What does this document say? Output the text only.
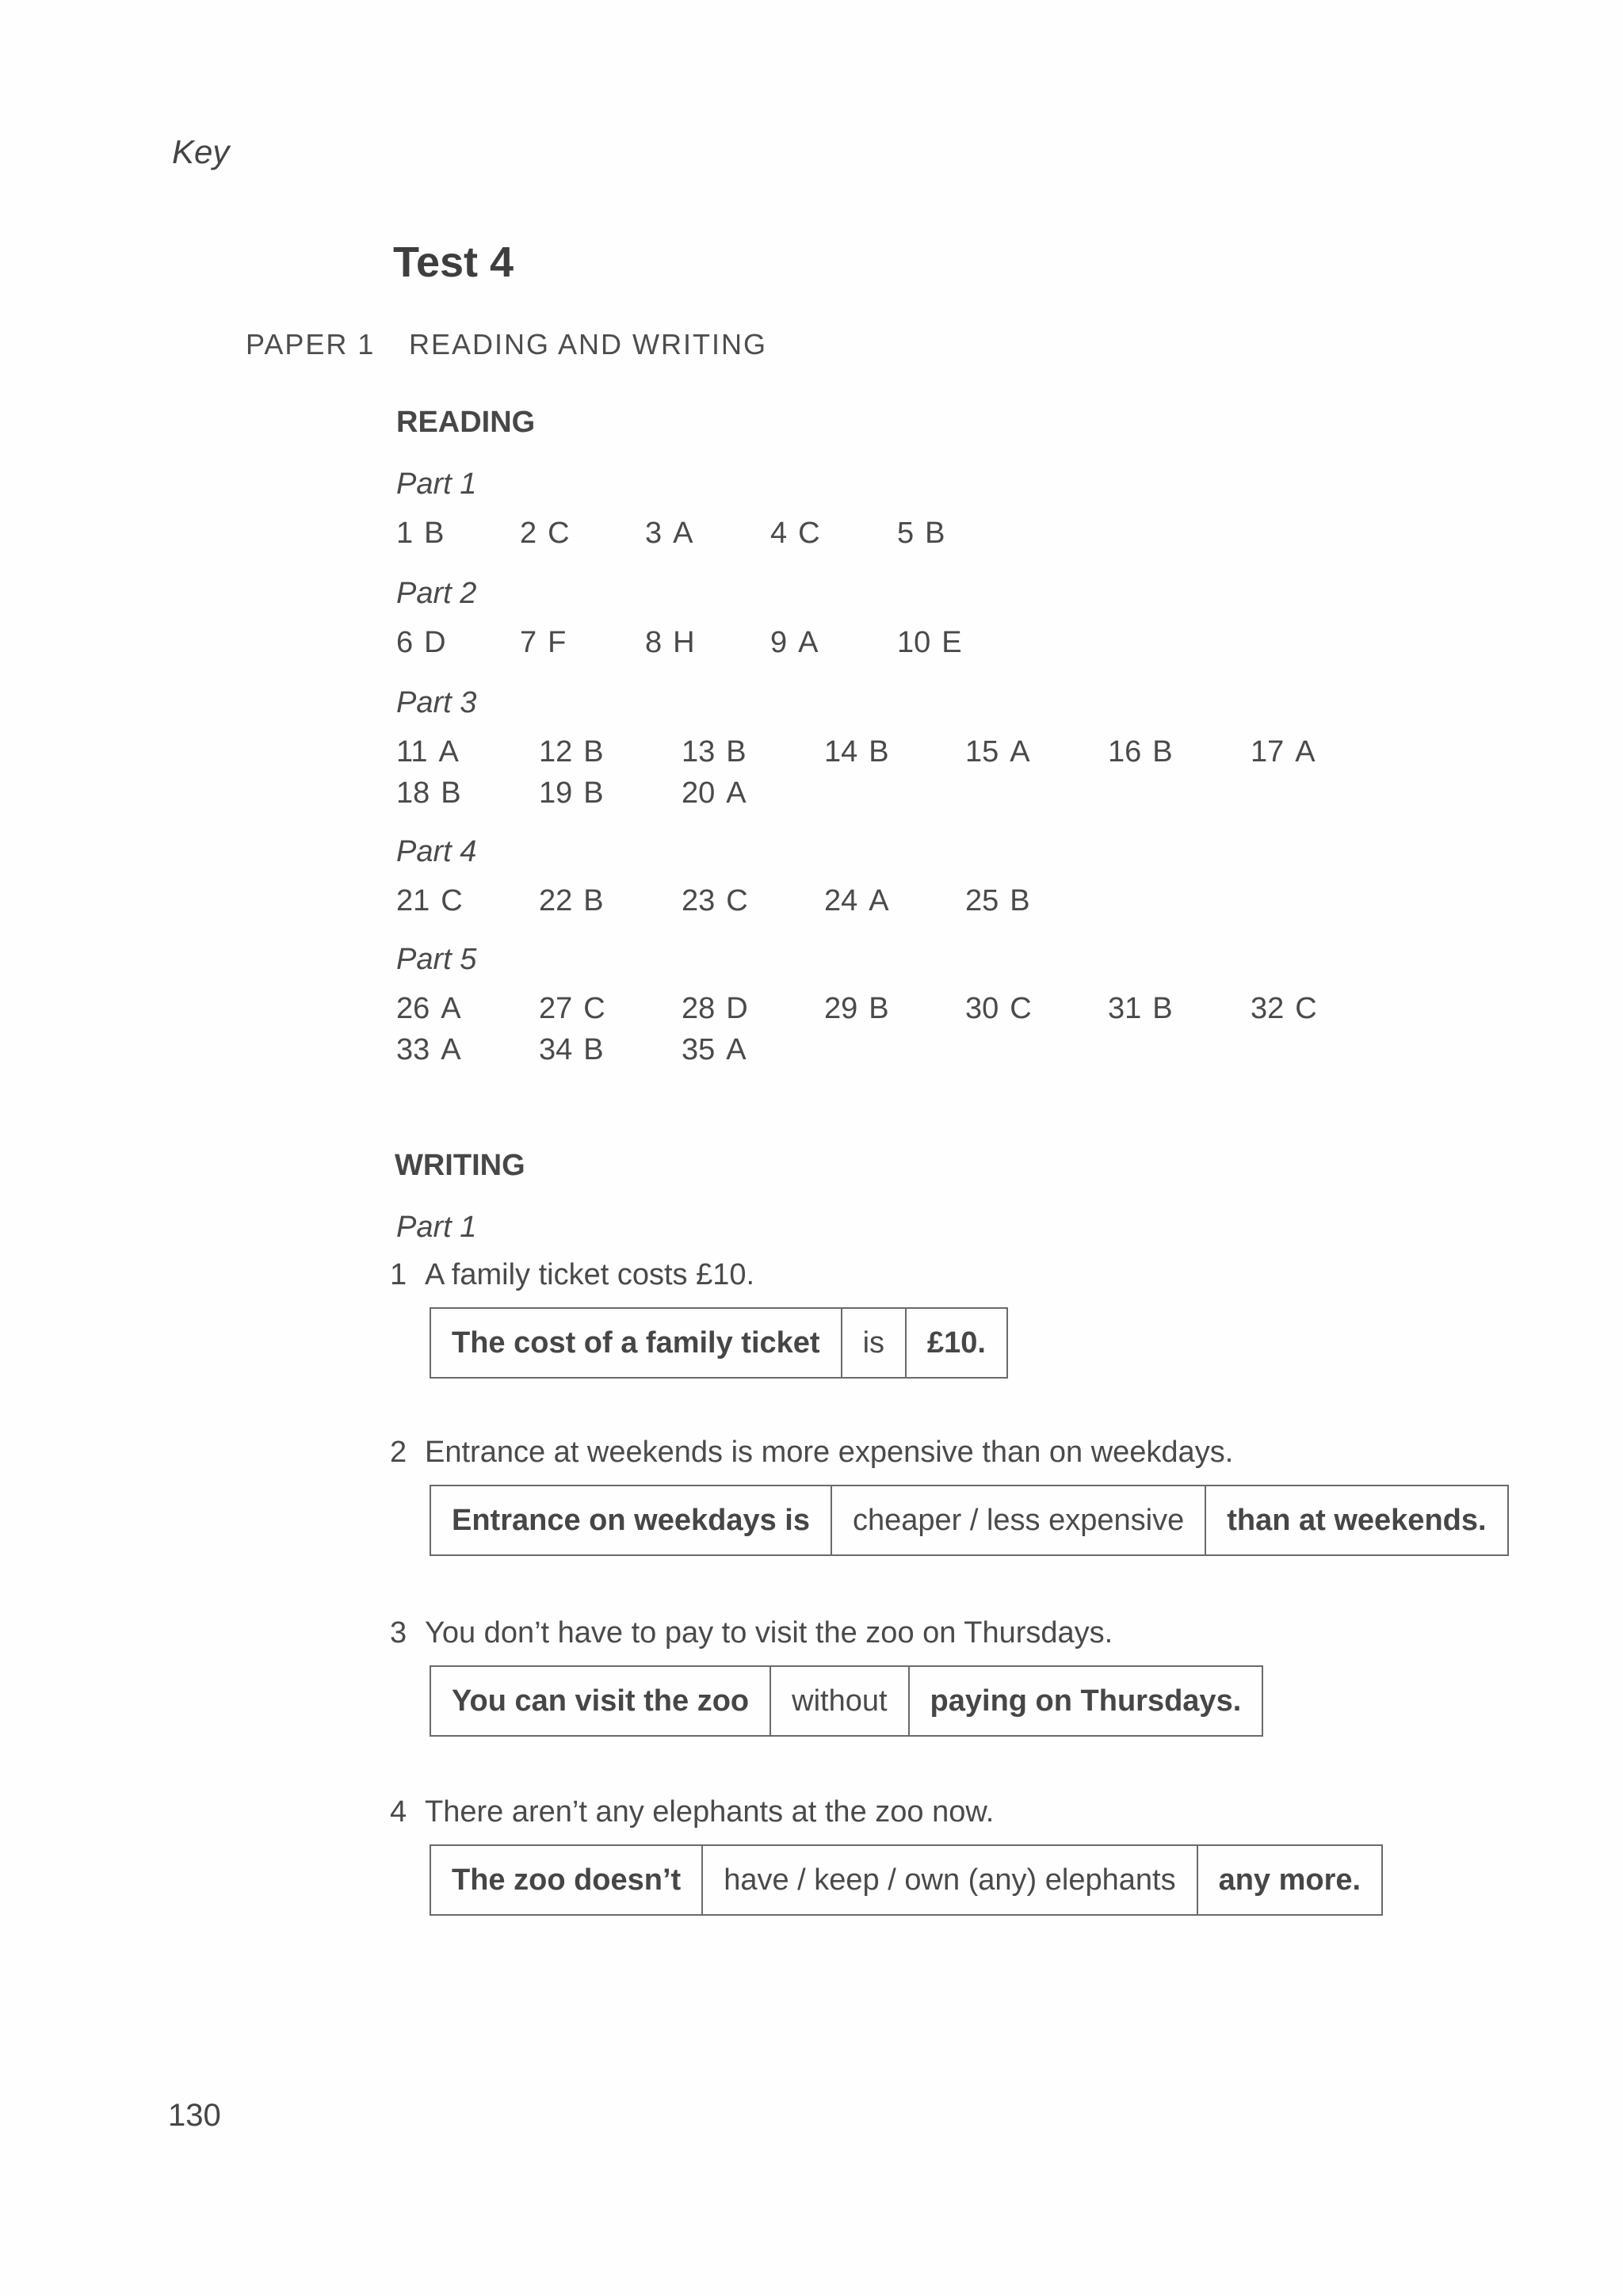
Key
Test 4
PAPER 1 READING AND WRITING
READING
Part 1
1 B	2 C	3 A	4 C	5 B
Part 2
6 D 7 F	8 H	9 A	10 E
Part 3
11 A	12 B	13 B	14 B	15 A	16 B	17 A
18 B	19 B	20 A
Part 4
21 C	22 B	23 C	24 A	25 B
Part 5
26 A	27 C	28 D	29 B	30 C	31 B	32 C
33 A	34 B	35 A
WRITING
Part 1
1 A family ticket costs £10.
The cost of a family ticket	is	£10.
2 Entrance at weekends is more expensive than on weekdays.
Entrance on weekdays is	cheaper / less expensive	than at weekends.
3 You don’t have to pay to visit the zoo on Thursdays.
You can visit the zoo	without	paying on Thursdays.
4 There aren’t any elephants at the zoo now.
The zoo doesn’t	have / keep / own (any) elephants	any more.
130
